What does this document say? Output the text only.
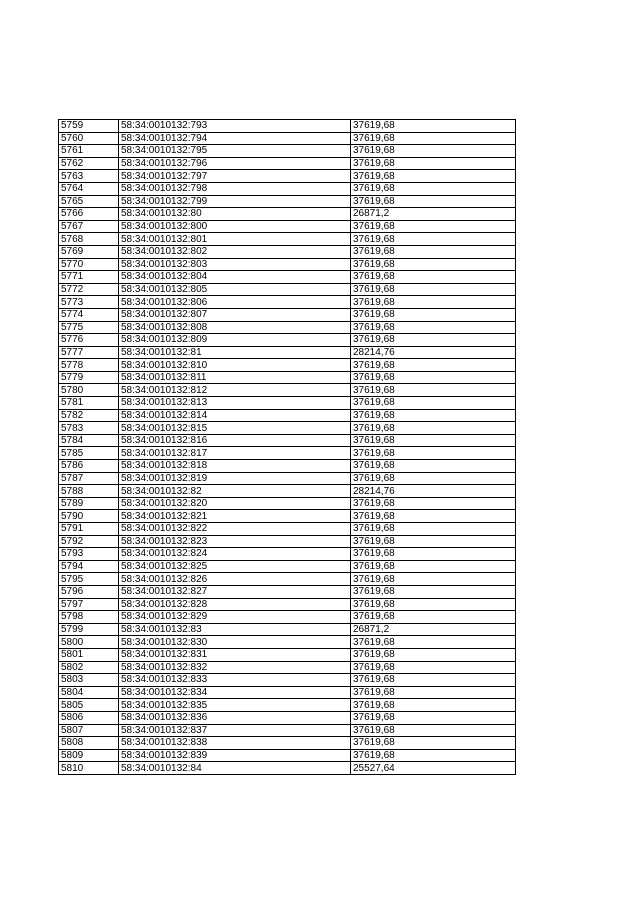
5759	58:34:0010132:793	37619,68
5760	58:34:0010132:794	37619,68
5761	58:34:0010132:795	37619,68
5762	58:34:0010132:796	37619,68
5763	58:34:0010132:797	37619,68
5764	58:34:0010132:798	37619,68
5765	58:34:0010132:799	37619,68
5766	58:34:0010132:80	26871,2
5767	58:34:0010132:800	37619,68
5768	58:34:0010132:801	37619,68
5769	58:34:0010132:802	37619,68
5770	58:34:0010132:803	37619,68
5771	58:34:0010132:804	37619,68
5772	58:34:0010132:805	37619,68
5773	58:34:0010132:806	37619,68
5774	58:34:0010132:807	37619,68
5775	58:34:0010132:808	37619,68
5776	58:34:0010132:809	37619,68
5777	58:34:0010132:81	28214,76
5778	58:34:0010132:810	37619,68
5779	58:34:0010132:811	37619,68
5780	58:34:0010132:812	37619,68
5781	58:34:0010132:813	37619,68
5782	58:34:0010132:814	37619,68
5783	58:34:0010132:815	37619,68
5784	58:34:0010132:816	37619,68
5785	58:34:0010132:817	37619,68
5786	58:34:0010132:818	37619,68
5787	58:34:0010132:819	37619,68
5788	58:34:0010132:82	28214,76
5789	58:34:0010132:820	37619,68
5790	58:34:0010132:821	37619,68
5791	58:34:0010132:822	37619,68
5792	58:34:0010132:823	37619,68
5793	58:34:0010132:824	37619,68
5794	58:34:0010132:825	37619,68
5795	58:34:0010132:826	37619,68
5796	58:34:0010132:827	37619,68
5797	58:34:0010132:828	37619,68
5798	58:34:0010132:829	37619,68
5799	58:34:0010132:83	26871,2
5800	58:34:0010132:830	37619,68
5801	58:34:0010132:831	37619,68
5802	58:34:0010132:832	37619,68
5803	58:34:0010132:833	37619,68
5804	58:34:0010132:834	37619,68
5805	58:34:0010132:835	37619,68
5806	58:34:0010132:836	37619,68
5807	58:34:0010132:837	37619,68
5808	58:34:0010132:838	37619,68
5809	58:34:0010132:839	37619,68
5810	58:34:0010132:84	25527,64
